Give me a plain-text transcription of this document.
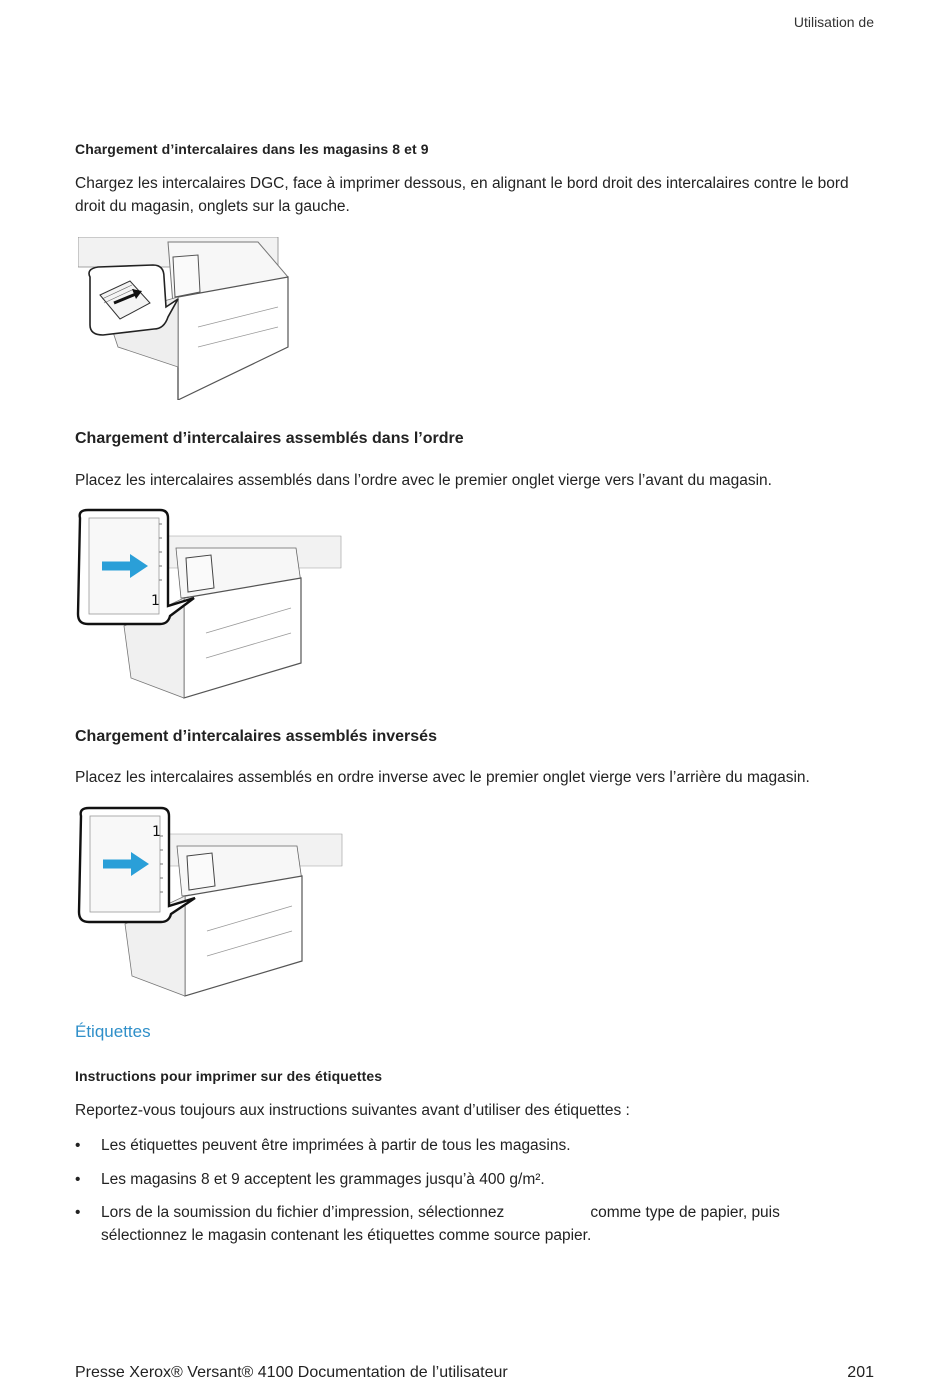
Utilisation de
Chargement d’intercalaires dans les magasins 8 et 9
Chargez les intercalaires DGC, face à imprimer dessous, en alignant le bord droit des intercalaires contre le bord droit du magasin, onglets sur la gauche.
Chargement d’intercalaires assemblés dans l’ordre
Placez les intercalaires assemblés dans l’ordre avec le premier onglet vierge vers l’avant du magasin.
1
Chargement d’intercalaires assemblés inversés
Placez les intercalaires assemblés en ordre inverse avec le premier onglet vierge vers l’arrière du magasin.
1
Étiquettes
Instructions pour imprimer sur des étiquettes
Reportez-vous toujours aux instructions suivantes avant d’utiliser des étiquettes :
• Les étiquettes peuvent être imprimées à partir de tous les magasins.
• Les magasins 8 et 9 acceptent les grammages jusqu’à 400 g/m².
• Lors de la soumission du fichier d’impression, sélectionnez                    comme type de papier, puis sélectionnez le magasin contenant les étiquettes comme source papier.
Presse Xerox® Versant® 4100 Documentation de l’utilisateur	201
